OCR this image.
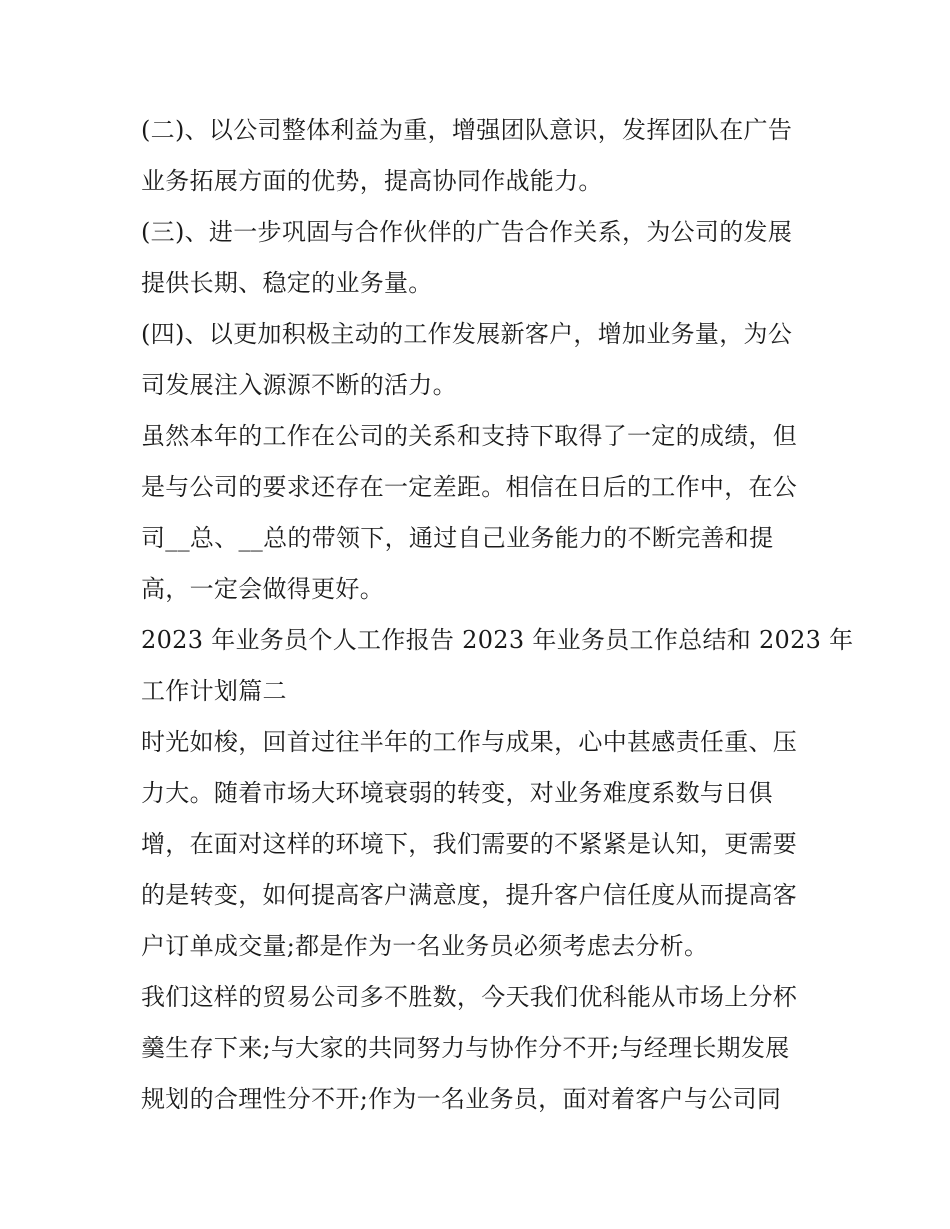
(二)、以公司整体利益为重，增强团队意识，发挥团队在广告
业务拓展方面的优势，提高协同作战能力。
(三)、进一步巩固与合作伙伴的广告合作关系，为公司的发展
提供长期、稳定的业务量。
(四)、以更加积极主动的工作发展新客户，增加业务量，为公
司发展注入源源不断的活力。
虽然本年的工作在公司的关系和支持下取得了一定的成绩，但
是与公司的要求还存在一定差距。相信在日后的工作中，在公
司__总、__总的带领下，通过自己业务能力的不断完善和提
高，一定会做得更好。
2023 年业务员个人工作报告 2023 年业务员工作总结和 2023 年
工作计划篇二
时光如梭，回首过往半年的工作与成果，心中甚感责任重、压
力大。随着市场大环境衰弱的转变，对业务难度系数与日俱
增，在面对这样的环境下，我们需要的不紧紧是认知，更需要
的是转变，如何提高客户满意度，提升客户信任度从而提高客
户订单成交量;都是作为一名业务员必须考虑去分析。
我们这样的贸易公司多不胜数，今天我们优科能从市场上分杯
羹生存下来;与大家的共同努力与协作分不开;与经理长期发展
规划的合理性分不开;作为一名业务员，面对着客户与公司同
